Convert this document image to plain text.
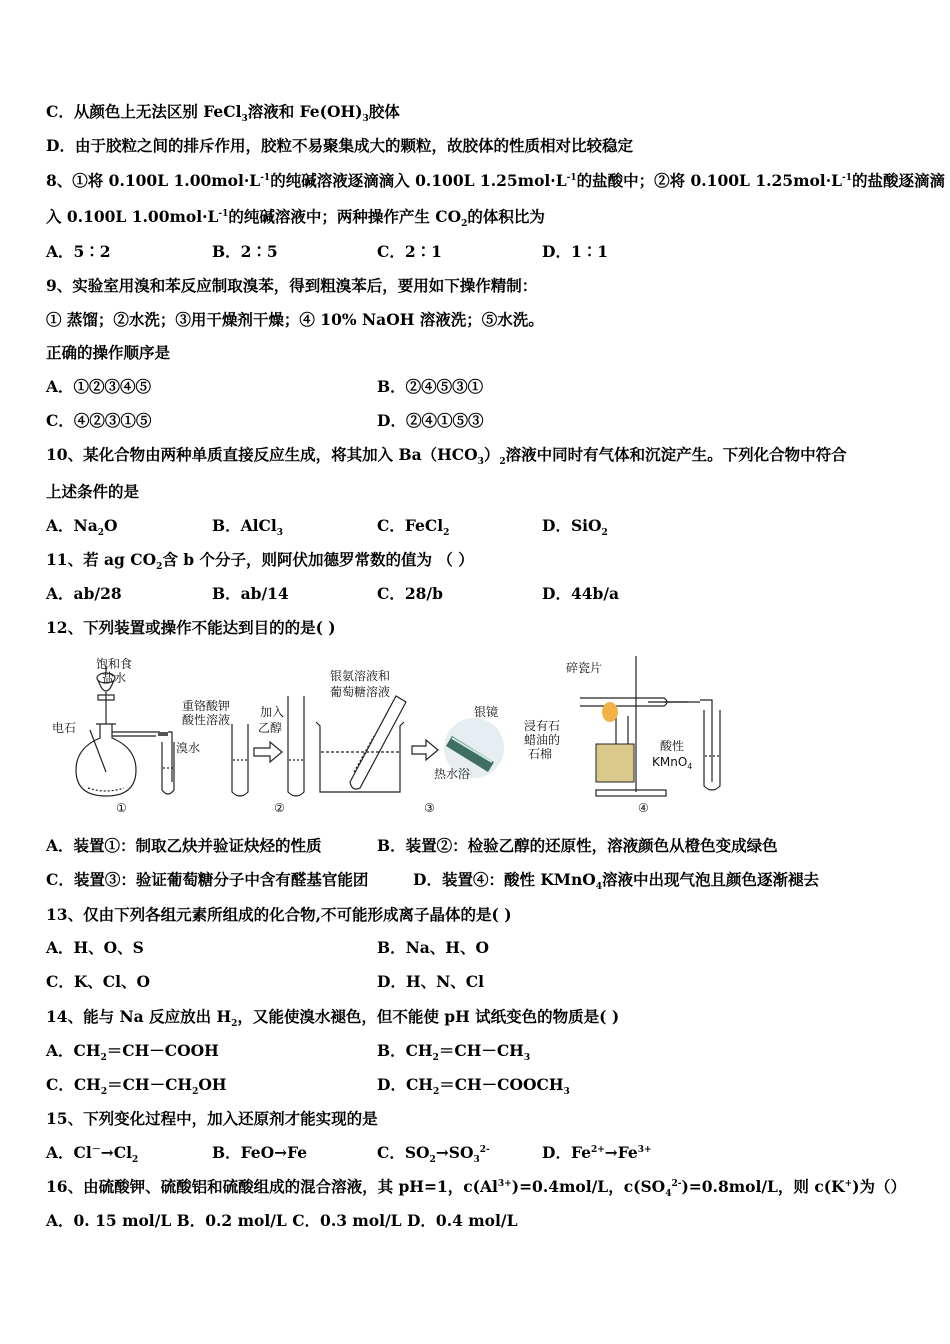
C．从颜色上无法区别 FeCl$_3$溶液和 $Fe(OH)_3$胶体
D．由于胶粒之间的排斥作用，胶粒不易聚集成大的颗粒，故胶体的性质相对比较稳定
8、①将 0.100L $1.00mol\cdot L^{-1}$的纯碱溶液逐滴滴入 0.100L $1.25mol\cdot L^{-1}$的盐酸中；②将 0.100L $1.25mol\cdot L^{-1}$的盐酸逐滴滴
入 0.100L $1.00mol\cdot L^{-1}$的纯碱溶液中；两种操作产生 $CO_2$的体积比为
A．5∶2	B．2∶5	C．2∶1	D．1∶1
9、实验室用溴和苯反应制取溴苯，得到粗溴苯后，要用如下操作精制：
① 蒸馏；②水洗；③用干燥剂干燥；④ 10% NaOH 溶液洗；⑤水洗。
正确的操作顺序是
A．①②③④⑤	B．②④⑤③①
C．④②③①⑤	D．②④①⑤③
10、某化合物由两种单质直接反应生成，将其加入 $Ba(HCO_3)_2$溶液中同时有气体和沉淀产生。下列化合物中符合
上述条件的是
A．$Na_2O$	B．AlCl$_3$	C．FeCl$_2$	D．SiO$_2$
11、若 ag $CO_2$含 b 个分子，则阿伏加德罗常数的值为 （ ）
A．ab/28	B．ab/14	C．28/b	D．44b/a
12、下列装置或操作不能达到目的的是( )
饱和食
盐水
电石
溴水
①
重铬酸钾
酸性溶液
加入
乙醇
②
银氨溶液和
葡萄糖溶液
银镜
热水浴
③
碎瓷片
浸有石
蜡油的
石棉
酸性
KMnO$_4$
④
A．装置①：制取乙炔并验证炔烃的性质	B．装置②：检验乙醇的还原性，溶液颜色从橙色变成绿色
C．装置③：验证葡萄糖分子中含有醛基官能团	D．装置④：酸性 KMnO$_4$溶液中出现气泡且颜色逐渐褪去
13、仅由下列各组元素所组成的化合物,不可能形成离子晶体的是( )
A．H、O、S	B．Na、H、O
C．K、Cl、O	D．H、N、Cl
14、能与 Na 反应放出 $H_2$，又能使溴水褪色，但不能使 pH 试纸变色的物质是( )
A．$CH_2=CH-COOH$	B．$CH_2=CH-CH_3$
C．$CH_2=CH-CH_2OH$	D．$CH_2=CH-COOCH_3$
15、下列变化过程中，加入还原剂才能实现的是
A．$Cl^-\to Cl_2$	B．FeO→Fe	C．$SO_2\to SO_3^{2-}$	D．$Fe^{2+}\to Fe^{3+}$
16、由硫酸钾、硫酸铝和硫酸组成的混合溶液，其 pH=1，$c(Al^{3+})=0.4mol/L$，$c(SO_4^{2-})=0.8mol/L$，则 c(K+)为（）
A．0. 15 mol/L B．0.2 mol/L C．0.3 mol/L D．0.4 mol/L
